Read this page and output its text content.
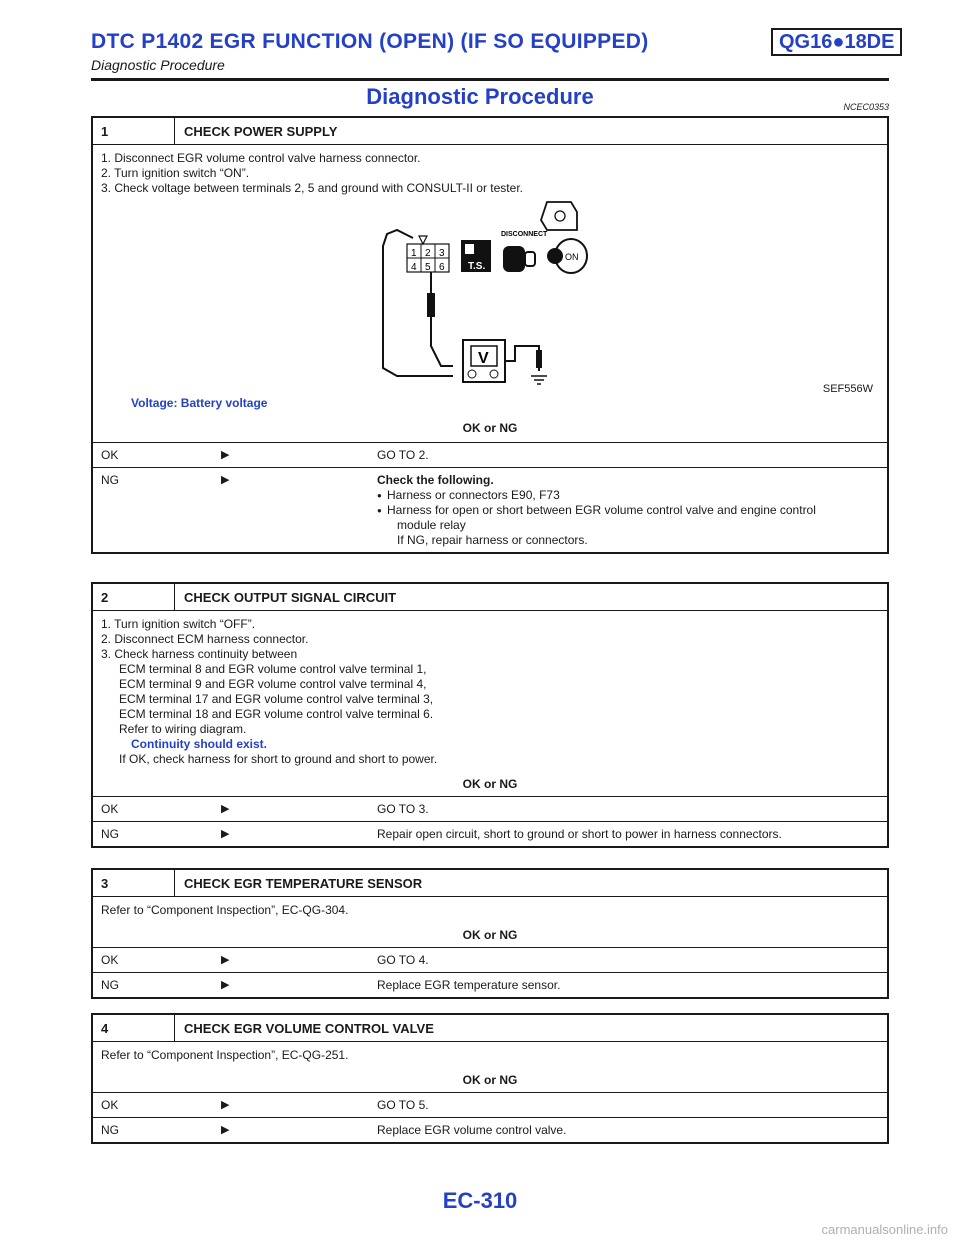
DTC P1402 EGR FUNCTION (OPEN) (IF SO EQUIPPED)	QG16●18DE
Diagnostic Procedure
Diagnostic Procedure	NCEC0353
1	CHECK POWER SUPPLY
1. Disconnect EGR volume control valve harness connector.
2. Turn ignition switch “ON”.
3. Check voltage between terminals 2, 5 and ground with CONSULT-II or tester.
1 2 3
4 5 6
V
T.S.
DISCONNECT
ON
SEF556W
Voltage: Battery voltage
OK or NG
OK	▶	GO TO 2.
NG	▶	Check the following.
● Harness or connectors E90, F73
● Harness for open or short between EGR volume control valve and engine control
module relay
If NG, repair harness or connectors.
2	CHECK OUTPUT SIGNAL CIRCUIT
1. Turn ignition switch “OFF”.
2. Disconnect ECM harness connector.
3. Check harness continuity between
ECM terminal 8 and EGR volume control valve terminal 1,
ECM terminal 9 and EGR volume control valve terminal 4,
ECM terminal 17 and EGR volume control valve terminal 3,
ECM terminal 18 and EGR volume control valve terminal 6.
Refer to wiring diagram.
Continuity should exist.
If OK, check harness for short to ground and short to power.
OK or NG
OK	▶	GO TO 3.
NG	▶	Repair open circuit, short to ground or short to power in harness connectors.
3	CHECK EGR TEMPERATURE SENSOR
Refer to “Component Inspection”, EC-QG-304.
OK or NG
OK	▶	GO TO 4.
NG	▶	Replace EGR temperature sensor.
4	CHECK EGR VOLUME CONTROL VALVE
Refer to “Component Inspection”, EC-QG-251.
OK or NG
OK	▶	GO TO 5.
NG	▶	Replace EGR volume control valve.
EC-310
carmanualsonline.info
